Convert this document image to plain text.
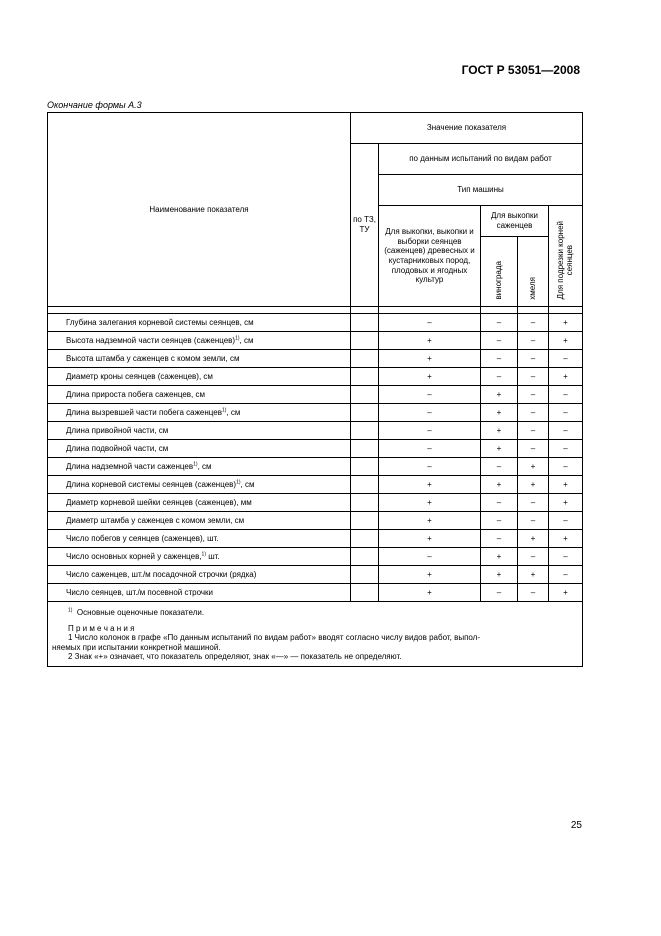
ГОСТ Р 53051—2008
Окончание формы А.3
Наименование показателя	Значение показателя				
	по ТЗ, ТУ	по данным испытаний по видам работ			
		Тип машины			
		Для выкопки, выкопки и выборки сеянцев (саженцев) древесных и кустарниковых пород, плодовых и ягодных культур	Для выкопки саженцев		Для подрезки корней
сеянцев
			винограда	хмеля	

Глубина залегания корневой системы сеянцев, см		–	–	–	+
Высота надземной части сеянцев (саженцев)$^{1)}$, см		+	–	–	+
Высота штамба у саженцев с комом земли, см		+	–	–	–
Диаметр кроны сеянцев (саженцев), см		+	–	–	+
Длина прироста побега саженцев, см		–	+	–	–
Длина вызревшей части побега саженцев$^{1)}$, см		–	+	–	–
Длина привойной части, см		–	+	–	–
Длина подвойной части, см		–	+	–	–
Длина надземной части саженцев$^{1)}$, см		–	–	+	–
Длина корневой системы сеянцев (саженцев)$^{1)}$, см		+	+	+	+
Диаметр корневой шейки сеянцев (саженцев), мм		+	–	–	+
Диаметр штамба у саженцев с комом земли, см		+	–	–	–
Число побегов у сеянцев (саженцев), шт.		+	–	+	+
Число основных корней у саженцев,$^{1)}$ шт.		–	+	–	–
Число саженцев, шт./м посадочной строчки (рядка)		+	+	+	–
Число сеянцев, шт./м посевной строчки		+	–	–	+

$^{1)}$ Основные оценочные показатели.
П р и м е ч а н и я
1 Число колонок в графе «По данным испытаний по видам работ» вводят согласно числу видов работ, выпол-
няемых при испытании конкретной машиной.
2 Знак «+» означает, что показатель определяют, знак «—» — показатель не определяют.					
25
